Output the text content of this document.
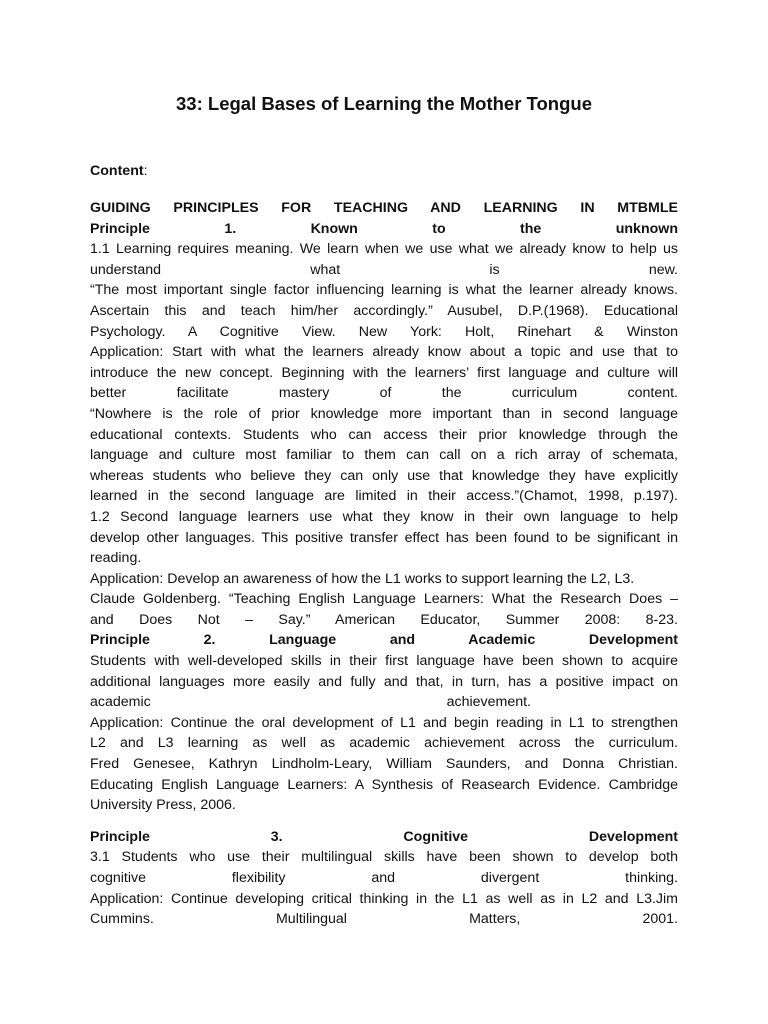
33: Legal Bases of Learning the Mother Tongue
Content:
GUIDING PRINCIPLES FOR TEACHING AND LEARNING IN MTBMLE
Principle 1. Known to the unknown
1.1 Learning requires meaning. We learn when we use what we already know to help us
understand what is new.
“The most important single factor influencing learning is what the learner already knows.
Ascertain this and teach him/her accordingly.” Ausubel, D.P.(1968). Educational
Psychology. A Cognitive View. New York: Holt, Rinehart & Winston
Application: Start with what the learners already know about a topic and use that to
introduce the new concept. Beginning with the learners’ first language and culture will
better facilitate mastery of the curriculum content.
“Nowhere is the role of prior knowledge more important than in second language
educational contexts. Students who can access their prior knowledge through the
language and culture most familiar to them can call on a rich array of schemata,
whereas students who believe they can only use that knowledge they have explicitly
learned in the second language are limited in their access.”(Chamot, 1998, p.197).
1.2 Second language learners use what they know in their own language to help
develop other languages. This positive transfer effect has been found to be significant in
reading.
Application: Develop an awareness of how the L1 works to support learning the L2, L3.
Claude Goldenberg. “Teaching English Language Learners: What the Research Does –
and Does Not – Say.” American Educator, Summer 2008: 8-23.
Principle 2. Language and Academic Development
Students with well-developed skills in their first language have been shown to acquire
additional languages more easily and fully and that, in turn, has a positive impact on
academic achievement.
Application: Continue the oral development of L1 and begin reading in L1 to strengthen
L2 and L3 learning as well as academic achievement across the curriculum.
Fred Genesee, Kathryn Lindholm-Leary, William Saunders, and Donna Christian.
Educating English Language Learners: A Synthesis of Reasearch Evidence. Cambridge
University Press, 2006.
Principle 3. Cognitive Development
3.1 Students who use their multilingual skills have been shown to develop both
cognitive flexibility and divergent thinking.
Application: Continue developing critical thinking in the L1 as well as in L2 and L3.Jim
Cummins. Multilingual Matters, 2001.
